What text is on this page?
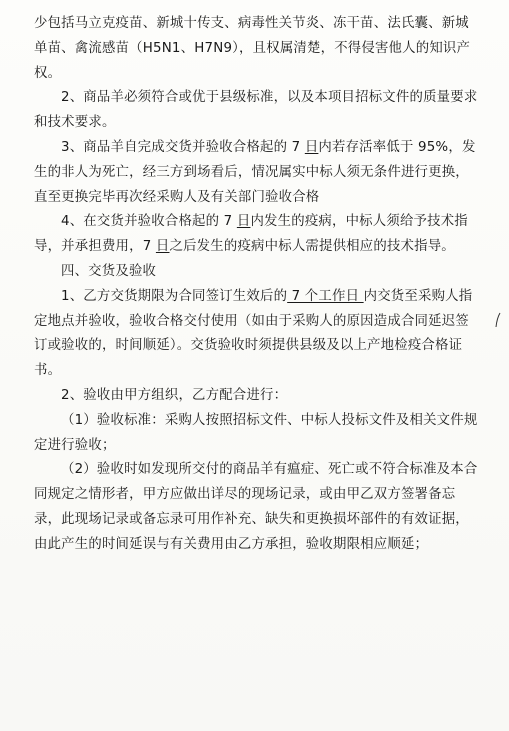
少包括马立克疫苗、新城十传支、病毒性关节炎、冻干苗、法氏囊、新城单苗、禽流感苗（H5N1、H7N9），且权属清楚，不得侵害他人的知识产权。

2、商品羊必须符合或优于县级标准，以及本项目招标文件的质量要求和技术要求。

3、商品羊自完成交货并验收合格起的 7 日内若存活率低于 95%，发生的非人为死亡，经三方到场看后，情况属实中标人须无条件进行更换，直至更换完毕再次经采购人及有关部门验收合格

4、在交货并验收合格起的 7 日内发生的疫病，中标人须给予技术指导，并承担费用，7 日之后发生的疫病中标人需提供相应的技术指导。

四、交货及验收

1、乙方交货期限为合同签订生效后的 7 个工作日 内交货至采购人指定地点并验收，验收合格交付使用（如由于采购人的原因造成合同延迟签订或验收的，时间顺延）。交货验收时须提供县级及以上产地检疫合格证书。

2、验收由甲方组织，乙方配合进行：

（1）验收标准：采购人按照招标文件、中标人投标文件及相关文件规定进行验收；

（2）验收时如发现所交付的商品羊有瘟症、死亡或不符合标准及本合同规定之情形者，甲方应做出详尽的现场记录，或由甲乙双方签署备忘录，此现场记录或备忘录可用作补充、缺失和更换损坏部件的有效证据，由此产生的时间延误与有关费用由乙方承担，验收期限相应顺延；
